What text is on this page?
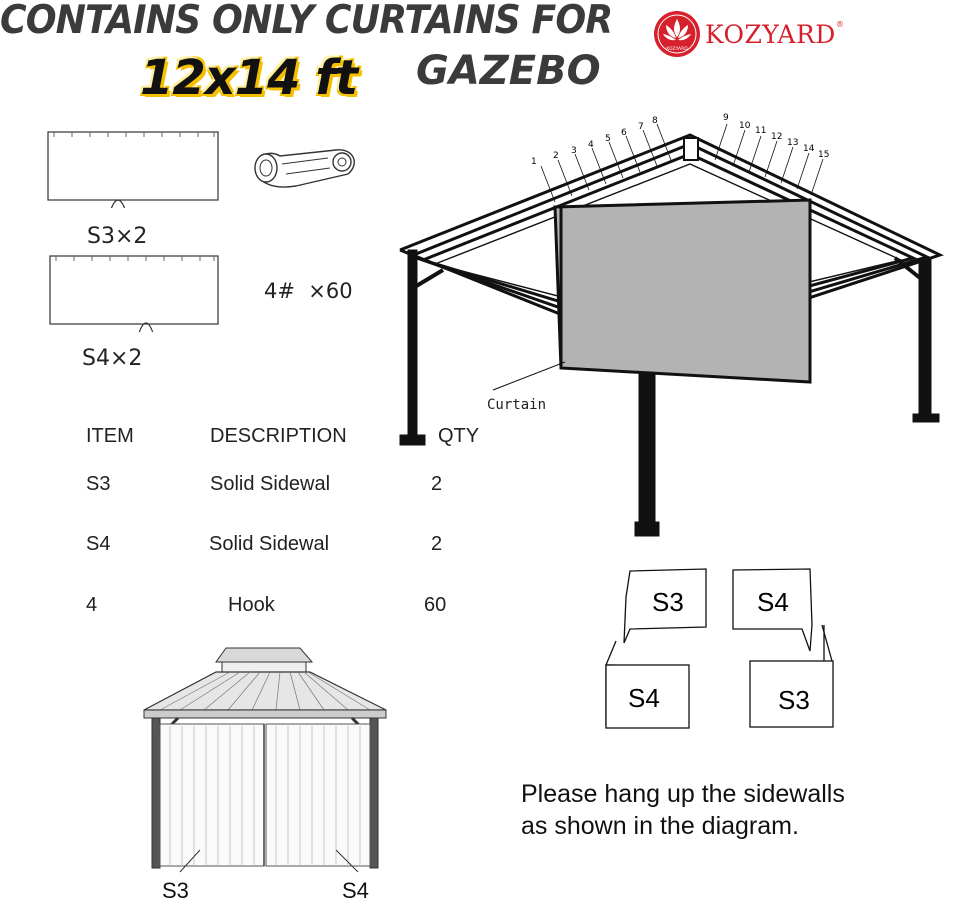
CONTAINS ONLY CURTAINS FOR
12x14 ft GAZEBO	KOZYARD
KOZYARD®
S3×2
S4×2
4#  ×60
ITEM	DESCRIPTION	QTY
S3	Solid Sidewal	2
S4	Solid Sidewal	2
4	Hook	60
1
2 3
4
5
6
7
8	9
10 11
12
13
14
15
Curtain
S3	S4
S4	S3
S3	S4
Please hang up the sidewalls
as shown in the diagram.
